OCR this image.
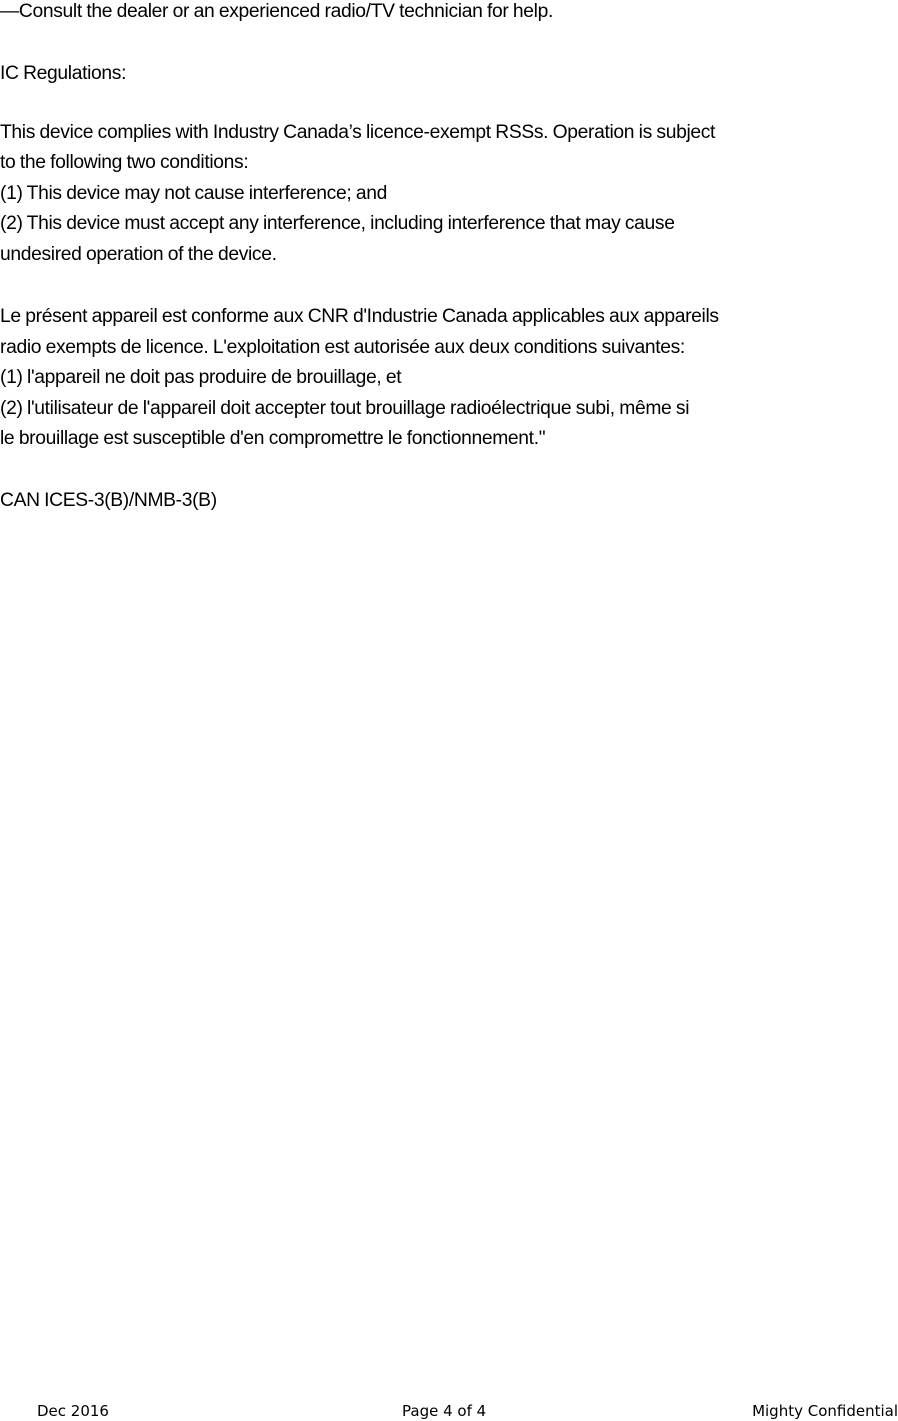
—Consult the dealer or an experienced radio/TV technician for help.
IC Regulations:
This device complies with Industry Canada’s licence-exempt RSSs. Operation is subject
to the following two conditions:
(1) This device may not cause interference; and
(2) This device must accept any interference, including interference that may cause
undesired operation of the device.
Le présent appareil est conforme aux CNR d'Industrie Canada applicables aux appareils
radio exempts de licence. L'exploitation est autorisée aux deux conditions suivantes:
(1) l'appareil ne doit pas produire de brouillage, et
(2) l'utilisateur de l'appareil doit accepter tout brouillage radioélectrique subi, même si
le brouillage est susceptible d'en compromettre le fonctionnement."
CAN ICES-3(B)/NMB-3(B)
Dec 2016	Page 4 of 4	Mighty Confidential
